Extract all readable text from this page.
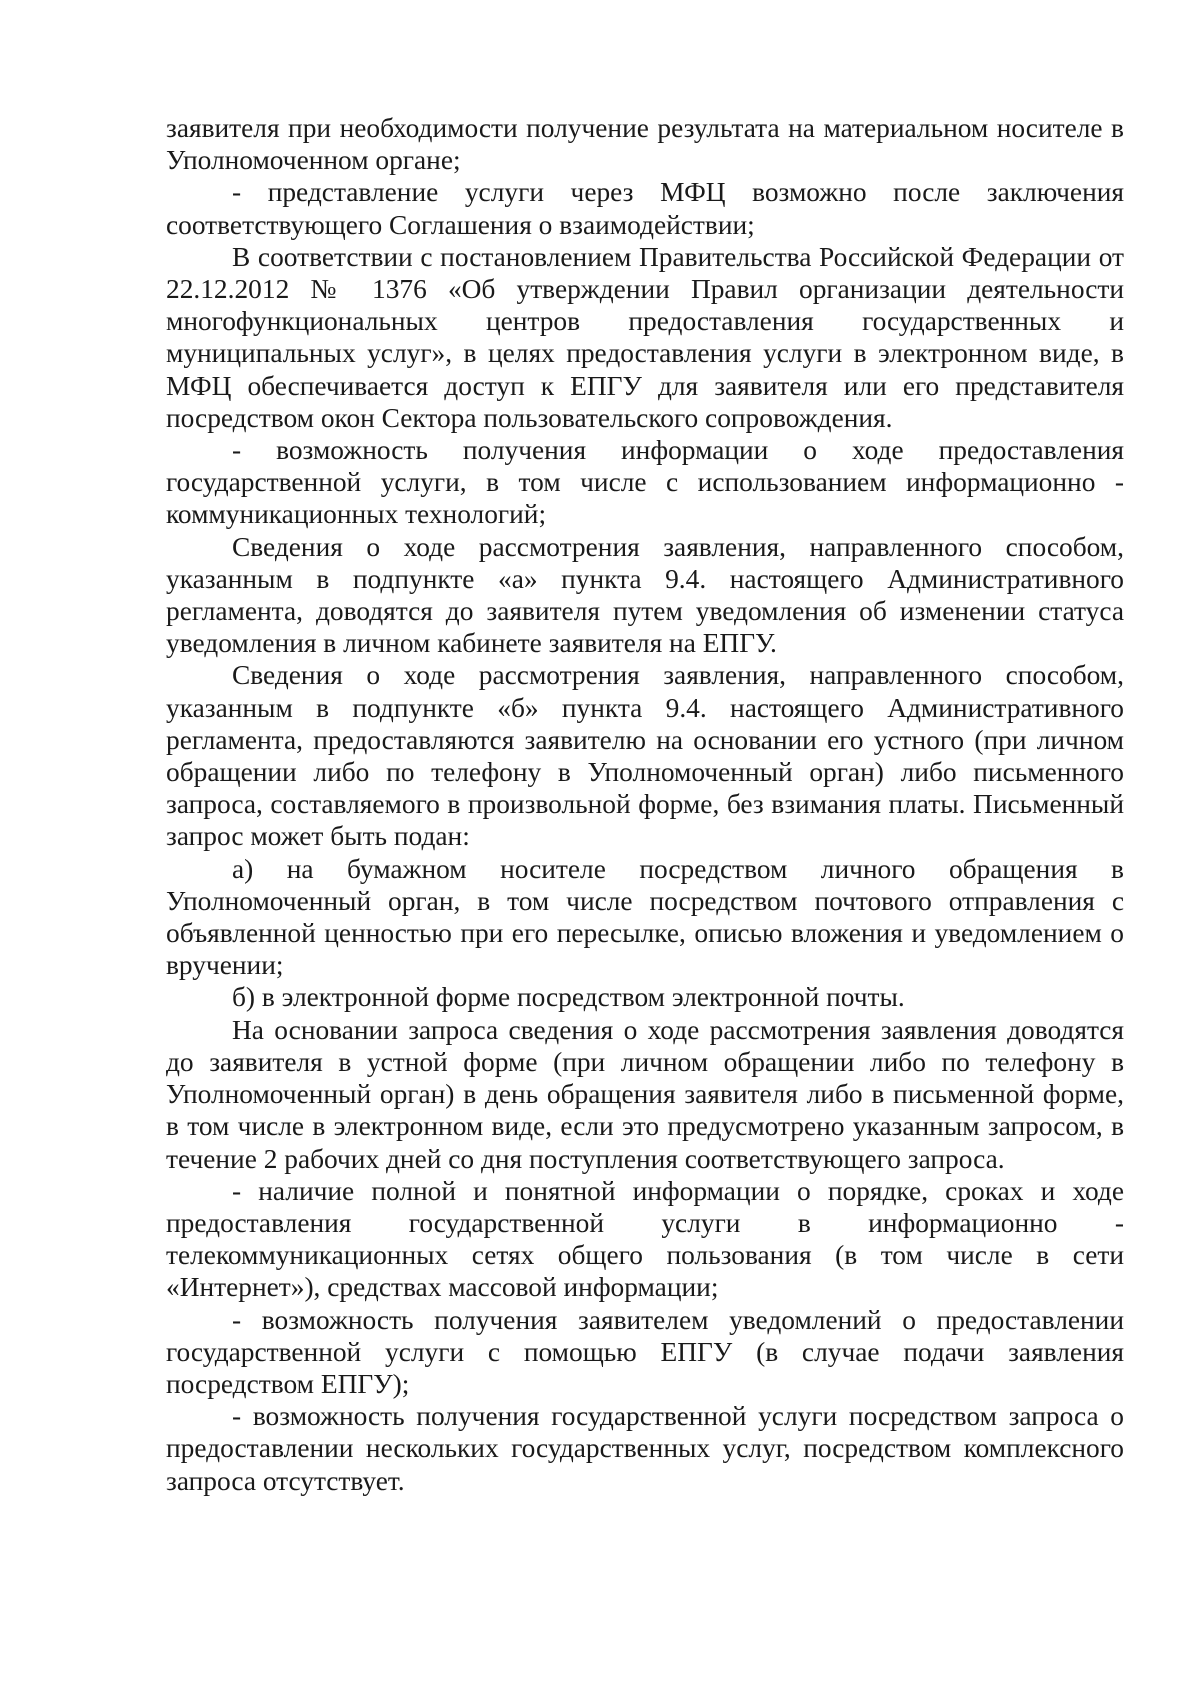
заявителя при необходимости получение результата на материальном носителе в Уполномоченном органе;

- представление услуги через МФЦ возможно после заключения соответствующего Соглашения о взаимодействии;

В соответствии с постановлением Правительства Российской Федерации от 22.12.2012 № 1376 «Об утверждении Правил организации деятельности многофункциональных центров предоставления государственных и муниципальных услуг», в целях предоставления услуги в электронном виде, в МФЦ обеспечивается доступ к ЕПГУ для заявителя или его представителя посредством окон Сектора пользовательского сопровождения.

- возможность получения информации о ходе предоставления государственной услуги, в том числе с использованием информационно - коммуникационных технологий;

Сведения о ходе рассмотрения заявления, направленного способом, указанным в подпункте «а» пункта 9.4. настоящего Административного регламента, доводятся до заявителя путем уведомления об изменении статуса уведомления в личном кабинете заявителя на ЕПГУ.

Сведения о ходе рассмотрения заявления, направленного способом, указанным в подпункте «б» пункта 9.4. настоящего Административного регламента, предоставляются заявителю на основании его устного (при личном обращении либо по телефону в Уполномоченный орган) либо письменного запроса, составляемого в произвольной форме, без взимания платы. Письменный запрос может быть подан:

а) на бумажном носителе посредством личного обращения в Уполномоченный орган, в том числе посредством почтового отправления с объявленной ценностью при его пересылке, описью вложения и уведомлением о вручении;

б) в электронной форме посредством электронной почты.

На основании запроса сведения о ходе рассмотрения заявления доводятся до заявителя в устной форме (при личном обращении либо по телефону в Уполномоченный орган) в день обращения заявителя либо в письменной форме, в том числе в электронном виде, если это предусмотрено указанным запросом, в течение 2 рабочих дней со дня поступления соответствующего запроса.

- наличие полной и понятной информации о порядке, сроках и ходе предоставления государственной услуги в информационно - телекоммуникационных сетях общего пользования (в том числе в сети «Интернет»), средствах массовой информации;

- возможность получения заявителем уведомлений о предоставлении государственной услуги с помощью ЕПГУ (в случае подачи заявления посредством ЕПГУ);

- возможность получения государственной услуги посредством запроса о предоставлении нескольких государственных услуг, посредством комплексного запроса отсутствует.
